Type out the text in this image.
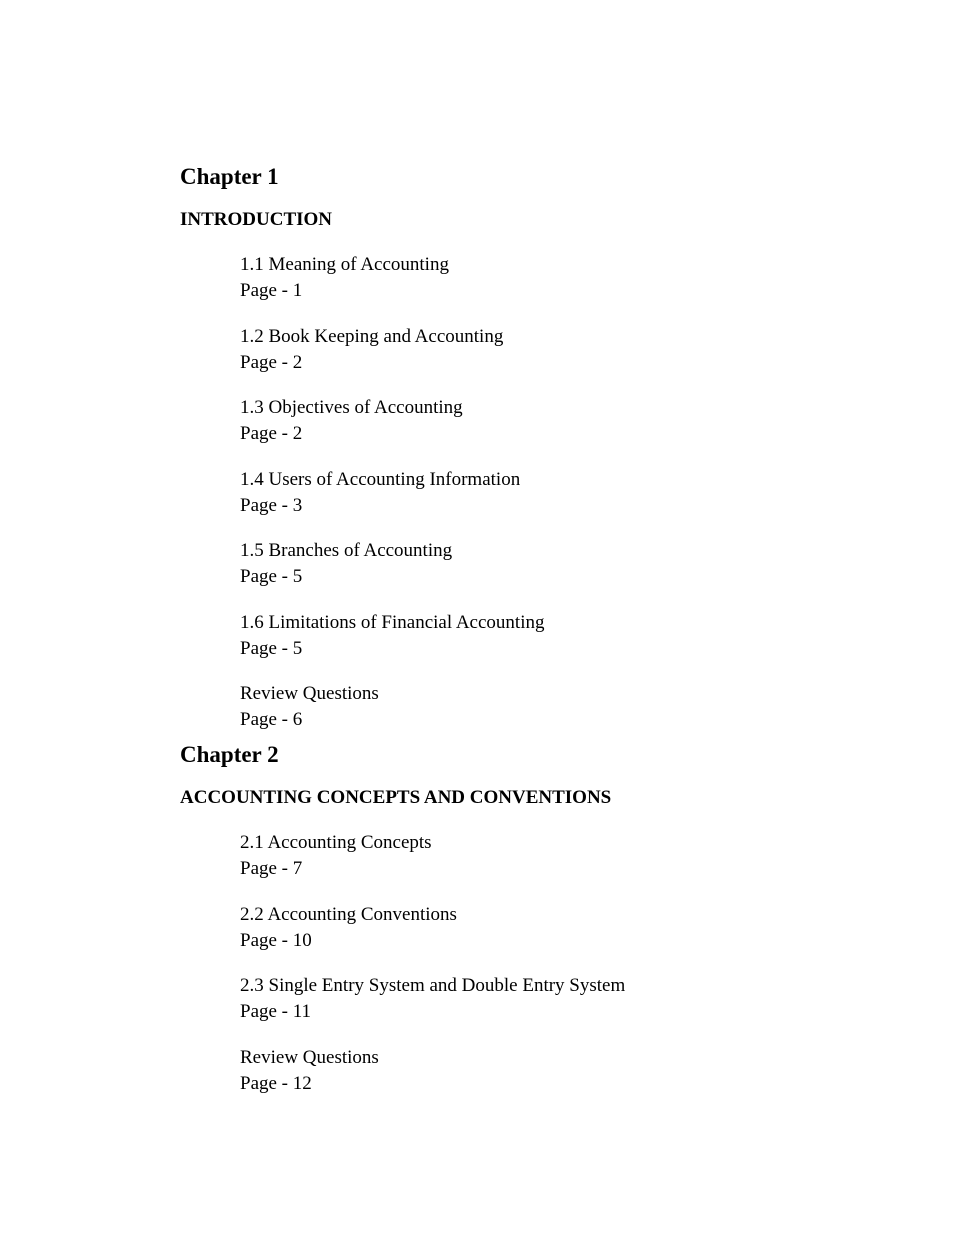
Chapter 1
INTRODUCTION
1.1 Meaning of Accounting
Page - 1
1.2 Book Keeping and Accounting
Page - 2
1.3 Objectives of Accounting
Page - 2
1.4 Users of Accounting Information
Page - 3
1.5 Branches of Accounting
Page - 5
1.6 Limitations of Financial Accounting
Page - 5
Review Questions
Page - 6
Chapter 2
ACCOUNTING CONCEPTS AND CONVENTIONS
2.1 Accounting Concepts
Page - 7
2.2 Accounting Conventions
Page - 10
2.3 Single Entry System and Double Entry System
Page - 11
Review Questions
Page - 12
